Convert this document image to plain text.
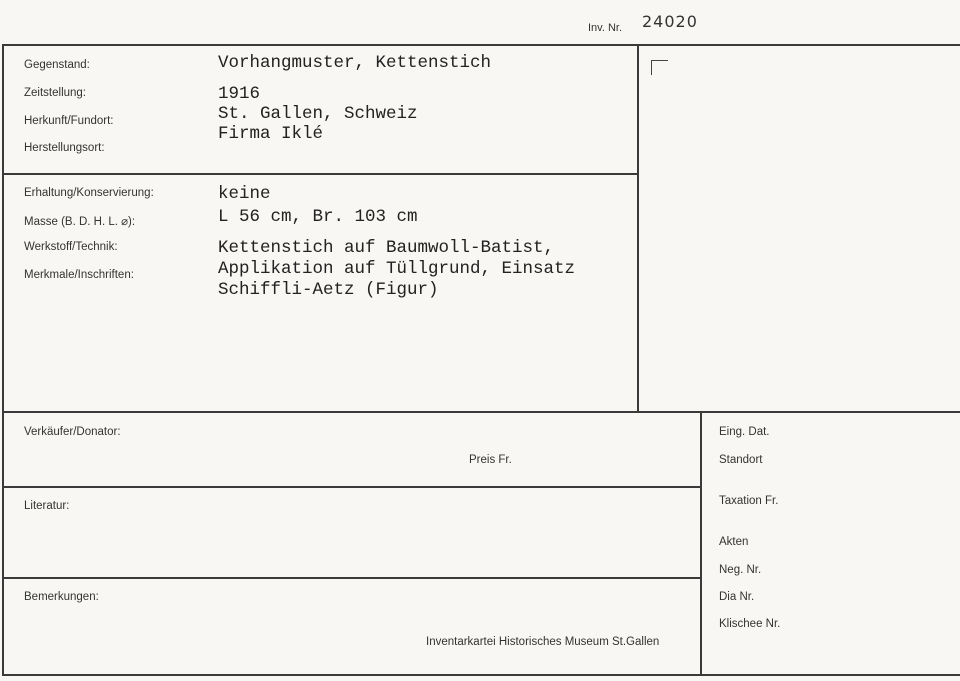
Inv. Nr. 24020
Gegenstand:
Zeitstellung:
Herkunft/Fundort:
Herstellungsort:
Vorhangmuster, Kettenstich
1916
St. Gallen, Schweiz
Firma Iklé
Erhaltung/Konservierung:
Masse (B. D. H. L. ⌀):
Werkstoff/Technik:
Merkmale/Inschriften:
keine
L 56 cm, Br. 103 cm
Kettenstich auf Baumwoll-Batist,
Applikation auf Tüllgrund, Einsatz
Schiffli-Aetz (Figur)
Verkäufer/Donator:
Preis Fr.
Literatur:
Bemerkungen:
Inventarkartei Historisches Museum St.Gallen
Eing. Dat.
Standort
Taxation Fr.
Akten
Neg. Nr.
Dia Nr.
Klischee Nr.
